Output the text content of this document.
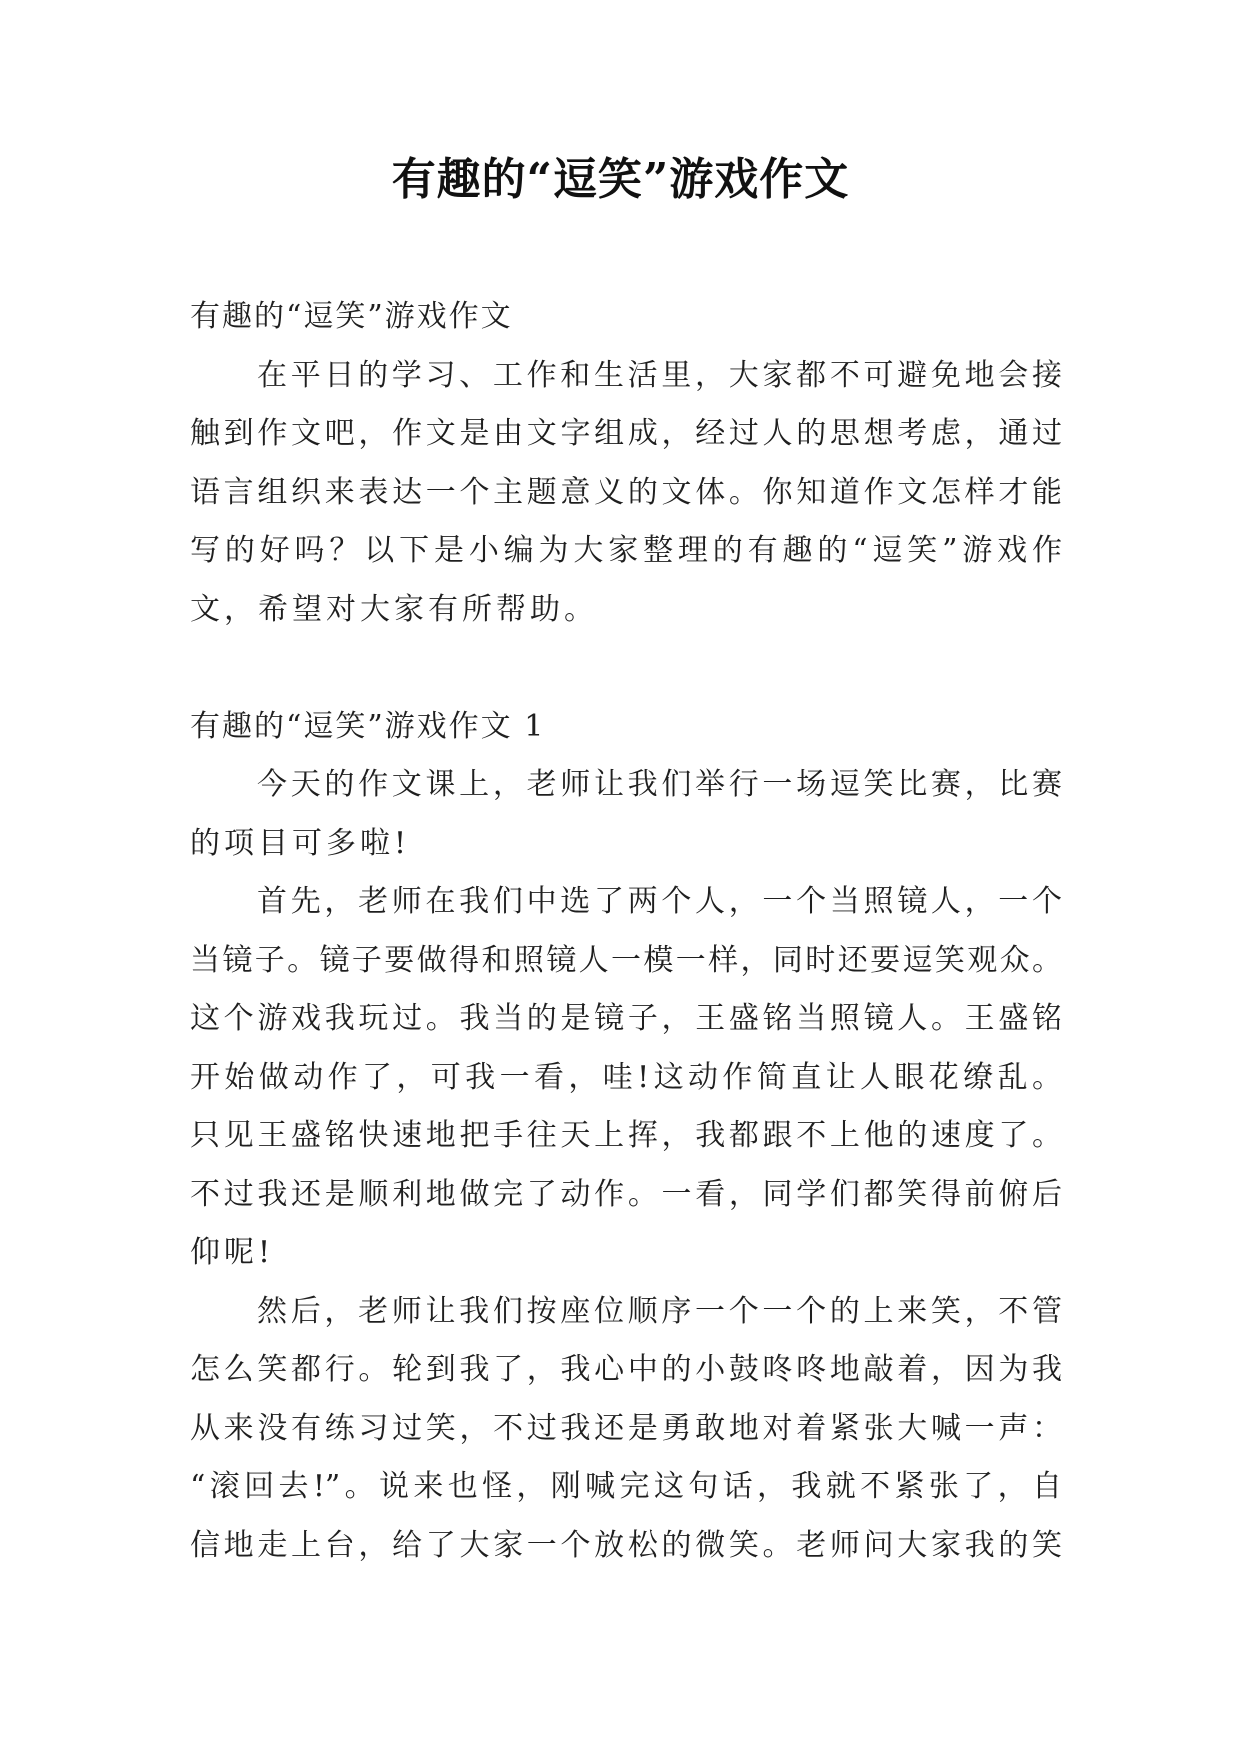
有趣的“逗笑”游戏作文
有趣的“逗笑”游戏作文
在平日的学习、工作和生活里，大家都不可避免地会接
触到作文吧，作文是由文字组成，经过人的思想考虑，通过
语言组织来表达一个主题意义的文体。你知道作文怎样才能
写的好吗？以下是小编为大家整理的有趣的“逗笑”游戏作
文，希望对大家有所帮助。
有趣的“逗笑”游戏作文 1
今天的作文课上，老师让我们举行一场逗笑比赛，比赛
的项目可多啦!
首先，老师在我们中选了两个人，一个当照镜人，一个
当镜子。镜子要做得和照镜人一模一样，同时还要逗笑观众。
这个游戏我玩过。我当的是镜子，王盛铭当照镜人。王盛铭
开始做动作了，可我一看，哇!这动作简直让人眼花缭乱。
只见王盛铭快速地把手往天上挥，我都跟不上他的速度了。
不过我还是顺利地做完了动作。一看，同学们都笑得前俯后
仰呢!
然后，老师让我们按座位顺序一个一个的上来笑，不管
怎么笑都行。轮到我了，我心中的小鼓咚咚地敲着，因为我
从来没有练习过笑，不过我还是勇敢地对着紧张大喊一声：
“滚回去!”。说来也怪，刚喊完这句话，我就不紧张了，自
信地走上台，给了大家一个放松的微笑。老师问大家我的笑
